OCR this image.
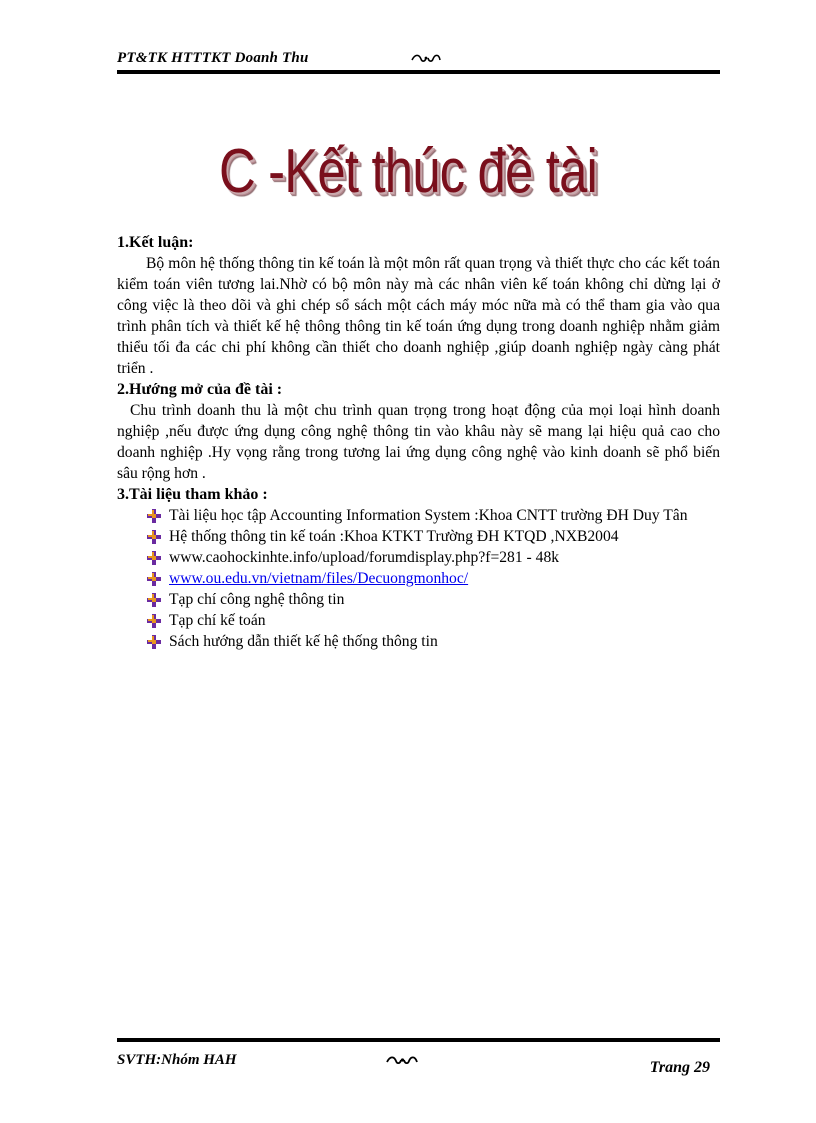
PT&TK HTTTKT Doanh Thu
C -Kết thúc đề tài
1.Kết luận:
Bộ môn hệ thống thông tin kế toán là một môn rất quan trọng và thiết thực cho các kết toán kiểm toán viên tương lai.Nhờ có bộ môn này mà các nhân viên kế toán không chỉ dừng lại ở công việc là theo dõi và ghi chép sổ sách một cách máy móc nữa mà có thể tham gia vào qua trình phân tích và thiết kế hệ thông thông tin kế toán ứng dụng trong doanh nghiệp nhằm giảm thiểu tối đa các chi phí không cần thiết cho doanh nghiệp ,giúp doanh nghiệp ngày càng phát triển .
2.Hướng mở của đề tài :
Chu trình doanh thu là một chu trình quan trọng trong hoạt động của mọi loại hình doanh nghiệp ,nếu được ứng dụng công nghệ thông tin vào khâu này sẽ mang lại hiệu quả cao cho doanh nghiệp .Hy vọng rằng trong tương lai ứng dụng công nghệ vào kinh doanh sẽ phổ biến sâu rộng hơn .
3.Tài liệu tham khảo :
Tài liệu học tập Accounting Information System :Khoa CNTT trường ĐH Duy Tân
Hệ thống thông tin kế toán :Khoa KTKT Trường ĐH KTQD ,NXB2004
www.caohockinhte.info/upload/forumdisplay.php?f=281 - 48k
www.ou.edu.vn/vietnam/files/Decuongmonhoc/
Tạp chí công nghệ thông tin
Tạp chí kế toán
Sách hướng dẫn thiết kế hệ thống thông tin
SVTH:Nhóm HAH	Trang 29
